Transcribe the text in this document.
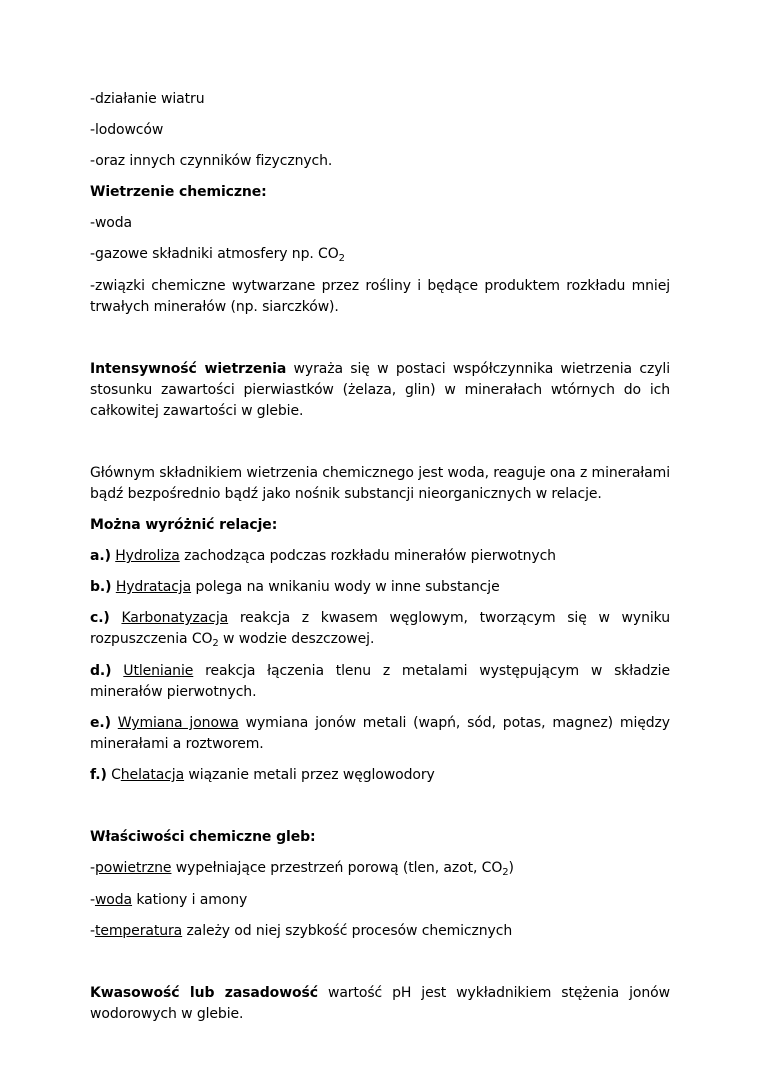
-działanie wiatru

-lodowców

-oraz innych czynników fizycznych.

Wietrzenie chemiczne:

-woda

-gazowe składniki atmosfery np. $CO_2$

-związki chemiczne wytwarzane przez rośliny i będące produktem rozkładu mniej trwałych minerałów (np. siarczków).

Intensywność wietrzenia wyraża się w postaci współczynnika wietrzenia czyli stosunku zawartości pierwiastków (żelaza, glin) w minerałach wtórnych do ich całkowitej zawartości w glebie.

Głównym składnikiem wietrzenia chemicznego jest woda, reaguje ona z minerałami bądź bezpośrednio bądź jako nośnik substancji nieorganicznych w relacje.

Można wyróżnić relacje:

a.) Hydroliza zachodząca podczas rozkładu minerałów pierwotnych

b.) Hydratacja polega na wnikaniu wody w inne substancje

c.) Karbonatyzacja reakcja z kwasem węglowym, tworzącym się w wyniku rozpuszczenia $CO_2$ w wodzie deszczowej.

d.) Utlenianie reakcja łączenia tlenu z metalami występującym w składzie minerałów pierwotnych.

e.) Wymiana jonowa wymiana jonów metali (wapń, sód, potas, magnez) między minerałami a roztworem.

f.) Chelatacja wiązanie metali przez węglowodory

Właściwości chemiczne gleb:

-powietrzne wypełniające przestrzeń porową (tlen, azot, $CO_2$)

-woda kationy i amony

-temperatura zależy od niej szybkość procesów chemicznych

Kwasowość lub zasadowość wartość pH jest wykładnikiem stężenia jonów wodorowych w glebie.
